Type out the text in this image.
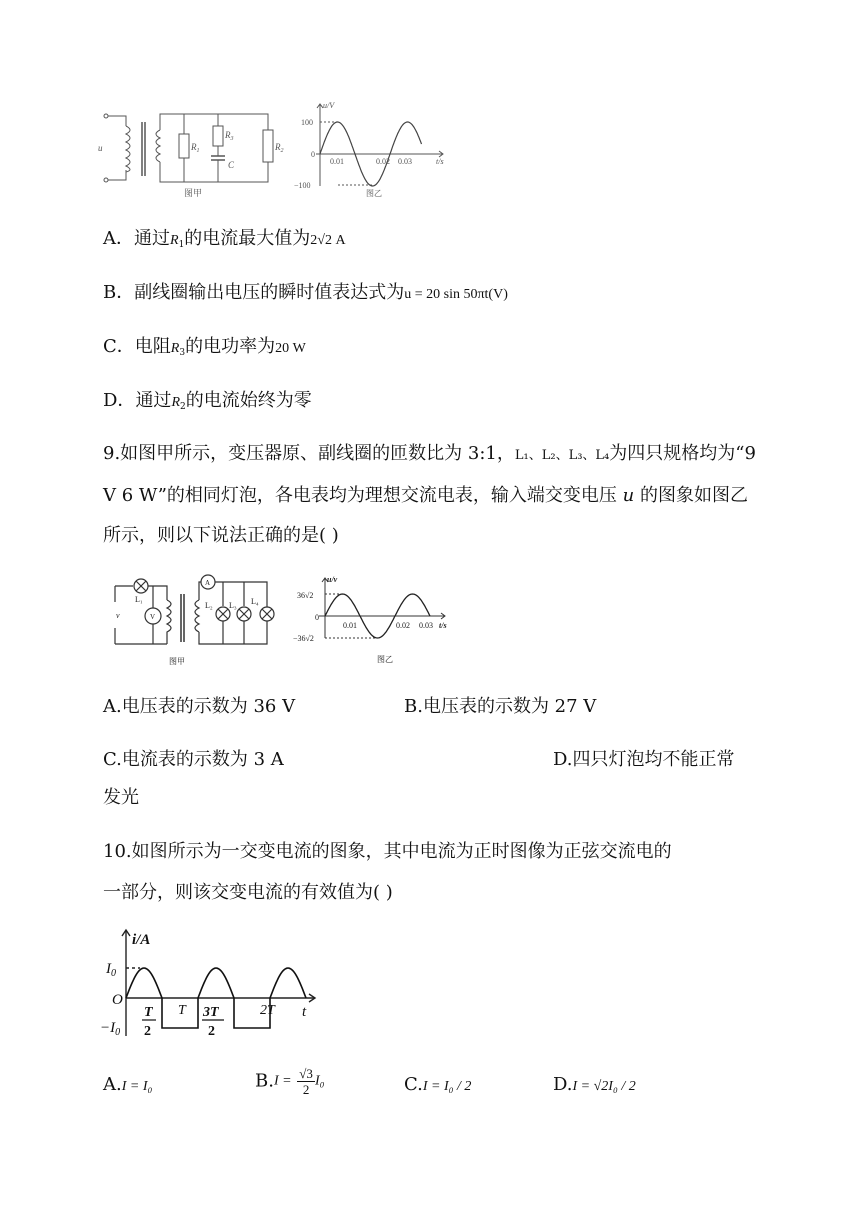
u	$R_1$
$R_3$
C
$R_2$
图甲
u/V
t/s
100
−100
0
0.01	0.02 0.03
图乙
A．通过$R_1$的电流最大值为2√2 A
B．副线圈输出电压的瞬时值表达式为u = 20 sin 50πt(V)
C．电阻$R_3$的电功率为20 W
D．通过$R_2$的电流始终为零
9.如图甲所示，变压器原、副线圈的匝数比为 3:1，L₁、L₂、L₃、L₄为四只规格均为“9 V 6 W”的相同灯泡，各电表均为理想交流电表，输入端交变电压 u 的图象如图乙所示，则以下说法正确的是( )
v
L₁
V
A
L₂ L₃ L₄
图甲
u/v
t/s
36√2
−36√2
0
0.01	0.02 0.03
图乙
A.电压表的示数为 36 V	B.电压表的示数为 27 V
C.电流表的示数为 3 A	D.四只灯泡均不能正常
发光
10.如图所示为一交变电流的图象，其中电流为正时图像为正弦交流电的
一部分，则该交变电流的有效值为( )
i/A
t
$I_0$
$-I_0$
O
T
2
T 3T
2
2T
A.I = I₀	$B.I = \frac{√3}{2} I_0$	C.I = I₀ / 2	D.I = √2I₀ / 2
